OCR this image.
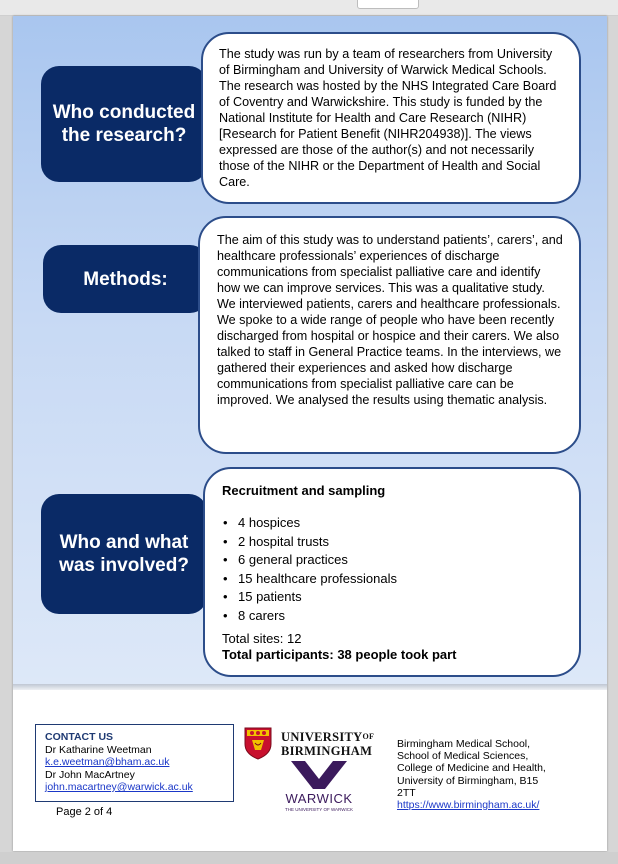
Who conducted the research?
The study was run by a team of researchers from University of Birmingham and University of Warwick Medical Schools. The research was hosted by the NHS Integrated Care Board of Coventry and Warwickshire. This study is funded by the National Institute for Health and Care Research (NIHR) [Research for Patient Benefit (NIHR204938)]. The views expressed are those of the author(s) and not necessarily those of the NIHR or the Department of Health and Social Care.
Methods:
The aim of this study was to understand patients’, carers’, and healthcare professionals’ experiences of discharge communications from specialist palliative care and identify how we can improve services. This was a qualitative study. We interviewed patients, carers and healthcare professionals. We spoke to a wide range of people who have been recently discharged from hospital or hospice and their carers. We also talked to staff in General Practice teams. In the interviews, we gathered their experiences and asked how discharge communications from specialist palliative care can be improved. We analysed the results using thematic analysis.
Who and what was involved?
Recruitment and sampling
• 4 hospices
• 2 hospital trusts
• 6 general practices
• 15 healthcare professionals
• 15 patients
• 8 carers
Total sites: 12
Total participants: 38 people took part
CONTACT US
Dr Katharine Weetman
k.e.weetman@bham.ac.uk
Dr John MacArtney
john.macartney@warwick.ac.uk
Page 2 of 4
$UNIVERSITY^{OF}$
BIRMINGHAM
WARWICK
THE UNIVERSITY OF WARWICK
Birmingham Medical School,
School of Medical Sciences,
College of Medicine and Health,
University of Birmingham, B15
2TT
https://www.birmingham.ac.uk/
